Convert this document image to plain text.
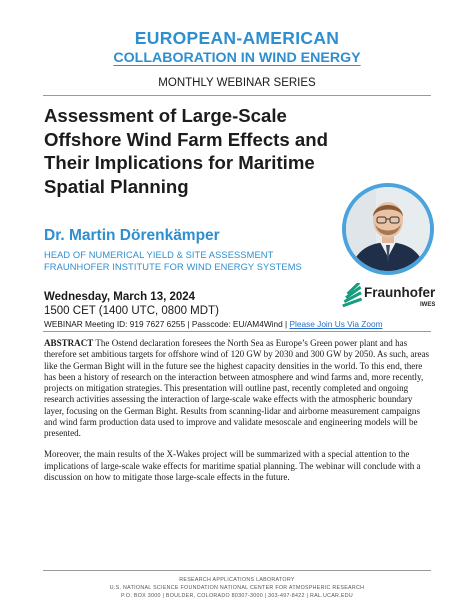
EUROPEAN-AMERICAN
COLLABORATION IN WIND ENERGY
MONTHLY WEBINAR SERIES
Assessment of Large-Scale
Offshore Wind Farm Effects and
Their Implications for Maritime
Spatial Planning
Dr. Martin Dörenkämper
HEAD OF NUMERICAL YIELD & SITE ASSESSMENT
FRAUNHOFER INSTITUTE FOR WIND ENERGY SYSTEMS
Wednesday, March 13, 2024
1500 CET (1400 UTC, 0800 MDT)
WEBINAR Meeting ID: 919 7627 6255 | Passcode: EU/AM4Wind | Please Join Us Via Zoom
Fraunhofer
IWES

ABSTRACT The Ostend declaration foresees the North Sea as Europe’s Green power plant and has therefore set ambitious targets for offshore wind of 120 GW by 2030 and 300 GW by 2050. As such, areas like the German Bight will in the future see the highest capacity densities in the world. To this end, there has been a history of research on the interaction between atmosphere and wind farms and, more recently, projects on mitigation strategies. This presentation will outline past, recently completed and ongoing research activities assessing the interaction of large-scale wake effects with the atmospheric boundary layer, focusing on the German Bight. Results from scanning-lidar and airborne measurement campaigns and wind farm production data used to improve and validate mesoscale and engineering models will be presented.

Moreover, the main results of the X-Wakes project will be summarized with a special attention to the implications of large-scale wake effects for maritime spatial planning. The webinar will conclude with a discussion on how to mitigate those large-scale effects in the future.

RESEARCH APPLICATIONS LABORATORY
U.S. NATIONAL SCIENCE FOUNDATION NATIONAL CENTER FOR ATMOSPHERIC RESEARCH
P.O. BOX 3000 | BOULDER, COLORADO 80307-3000 | 303-497-8422 | RAL.UCAR.EDU
